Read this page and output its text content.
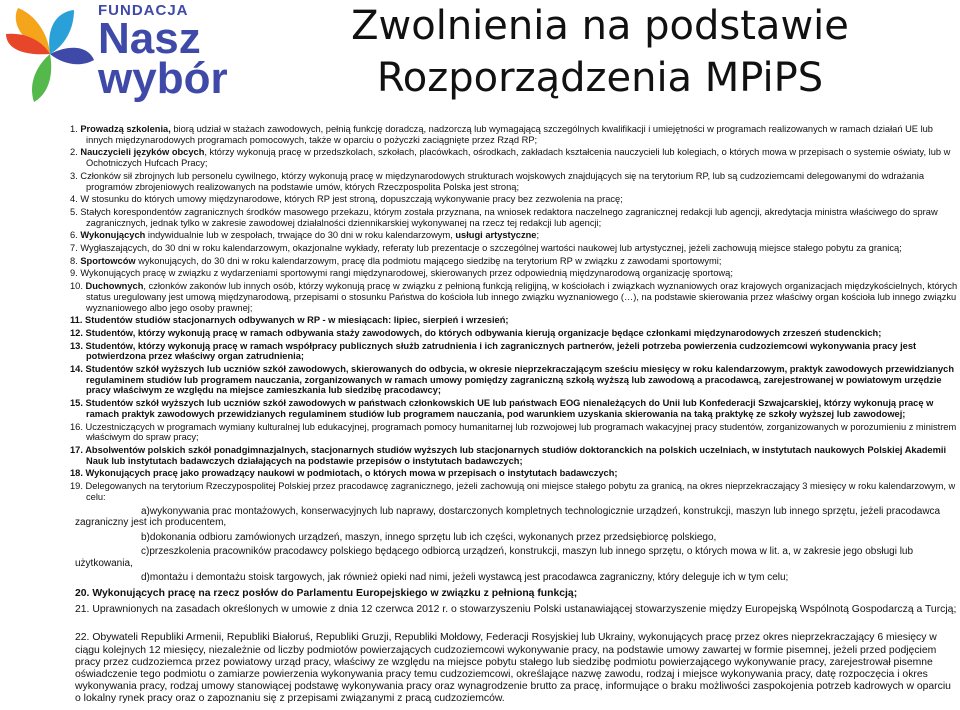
FUNDACJA
Nasz
wybór
Zwolnienia na podstawie
Rozporządzenia MPiPS
1. Prowadzą szkolenia, biorą udział w stażach zawodowych, pełnią funkcję doradczą, nadzorczą lub wymagającą szczególnych kwalifikacji i umiejętności w programach realizowanych w ramach działań UE lub innych międzynarodowych programach pomocowych, także w oparciu o pożyczki zaciągnięte przez Rząd RP;
2. Nauczycieli języków obcych, którzy wykonują pracę w przedszkolach, szkołach, placówkach, ośrodkach, zakładach kształcenia nauczycieli lub kolegiach, o których mowa w przepisach o systemie oświaty, lub w Ochotniczych Hufcach Pracy;
3. Członków sił zbrojnych lub personelu cywilnego, którzy wykonują pracę w międzynarodowych strukturach wojskowych znajdujących się na terytorium RP, lub są cudzoziemcami delegowanymi do wdrażania programów zbrojeniowych realizowanych na podstawie umów, których Rzeczpospolita Polska jest stroną;
4. W stosunku do których umowy międzynarodowe, których RP jest stroną, dopuszczają wykonywanie pracy bez zezwolenia na pracę;
5. Stałych korespondentów zagranicznych środków masowego przekazu, którym została przyznana, na wniosek redaktora naczelnego zagranicznej redakcji lub agencji, akredytacja ministra właściwego do spraw zagranicznych, jednak tylko w zakresie zawodowej działalności dziennikarskiej wykonywanej na rzecz tej redakcji lub agencji;
6. Wykonujących indywidualnie lub w zespołach, trwające do 30 dni w roku kalendarzowym, usługi artystyczne;
7. Wygłaszających, do 30 dni w roku kalendarzowym, okazjonalne wykłady, referaty lub prezentacje o szczególnej wartości naukowej lub artystycznej, jeżeli zachowują miejsce stałego pobytu za granicą;
8. Sportowców wykonujących, do 30 dni w roku kalendarzowym, pracę dla podmiotu mającego siedzibę na terytorium RP w związku z zawodami sportowymi;
9. Wykonujących pracę w związku z wydarzeniami sportowymi rangi międzynarodowej, skierowanych przez odpowiednią międzynarodową organizację sportową;
10. Duchownych, członków zakonów lub innych osób, którzy wykonują pracę w związku z pełnioną funkcją religijną, w kościołach i związkach wyznaniowych oraz krajowych organizacjach międzykościelnych, których status uregulowany jest umową międzynarodową, przepisami o stosunku Państwa do kościoła lub innego związku wyznaniowego (…), na podstawie skierowania przez właściwy organ kościoła lub innego związku wyznaniowego albo jego osoby prawnej;
11. Studentów studiów stacjonarnych odbywanych w RP - w miesiącach: lipiec, sierpień i wrzesień;
12. Studentów, którzy wykonują pracę w ramach odbywania staży zawodowych, do których odbywania kierują organizacje będące członkami międzynarodowych zrzeszeń studenckich;
13. Studentów, którzy wykonują pracę w ramach współpracy publicznych służb zatrudnienia i ich zagranicznych partnerów, jeżeli potrzeba powierzenia cudzoziemcowi wykonywania pracy jest potwierdzona przez właściwy organ zatrudnienia;
14. Studentów szkół wyższych lub uczniów szkół zawodowych, skierowanych do odbycia, w okresie nieprzekraczającym sześciu miesięcy w roku kalendarzowym, praktyk zawodowych przewidzianych regulaminem studiów lub programem nauczania, zorganizowanych w ramach umowy pomiędzy zagraniczną szkołą wyższą lub zawodową a pracodawcą, zarejestrowanej w powiatowym urzędzie pracy właściwym ze względu na miejsce zamieszkania lub siedzibę pracodawcy;
15. Studentów szkół wyższych lub uczniów szkół zawodowych w państwach członkowskich UE lub państwach EOG nienależących do Unii lub Konfederacji Szwajcarskiej, którzy wykonują pracę w ramach praktyk zawodowych przewidzianych regulaminem studiów lub programem nauczania, pod warunkiem uzyskania skierowania na taką praktykę ze szkoły wyższej lub zawodowej;
16. Uczestniczących w programach wymiany kulturalnej lub edukacyjnej, programach pomocy humanitarnej lub rozwojowej lub programach wakacyjnej pracy studentów, zorganizowanych w porozumieniu z ministrem właściwym do spraw pracy;
17. Absolwentów polskich szkół ponadgimnazjalnych, stacjonarnych studiów wyższych lub stacjonarnych studiów doktoranckich na polskich uczelniach, w instytutach naukowych Polskiej Akademii Nauk lub instytutach badawczych działających na podstawie przepisów o instytutach badawczych;
18. Wykonujących pracę jako prowadzący naukowi w podmiotach, o których mowa w przepisach o instytutach badawczych;
19. Delegowanych na terytorium Rzeczypospolitej Polskiej przez pracodawcę zagranicznego, jeżeli zachowują oni miejsce stałego pobytu za granicą, na okres nieprzekraczający 3 miesięcy w roku kalendarzowym, w celu:
a)wykonywania prac montażowych, konserwacyjnych lub naprawy, dostarczonych kompletnych technologicznie urządzeń, konstrukcji, maszyn lub innego sprzętu, jeżeli pracodawca zagraniczny jest ich producentem,
b)dokonania odbioru zamówionych urządzeń, maszyn, innego sprzętu lub ich części, wykonanych przez przedsiębiorcę polskiego,
c)przeszkolenia pracowników pracodawcy polskiego będącego odbiorcą urządzeń, konstrukcji, maszyn lub innego sprzętu, o których mowa w lit. a, w zakresie jego obsługi lub użytkowania,
d)montażu i demontażu stoisk targowych, jak również opieki nad nimi, jeżeli wystawcą jest pracodawca zagraniczny, który deleguje ich w tym celu;
20. Wykonujących pracę na rzecz posłów do Parlamentu Europejskiego w związku z pełnioną funkcją;
21. Uprawnionych na zasadach określonych w umowie z dnia 12 czerwca 2012 r. o stowarzyszeniu Polski ustanawiającej stowarzyszenie między Europejską Wspólnotą Gospodarczą a Turcją;
22. Obywateli Republiki Armenii, Republiki Białoruś, Republiki Gruzji, Republiki Mołdowy, Federacji Rosyjskiej lub Ukrainy, wykonujących pracę przez okres nieprzekraczający 6 miesięcy w ciągu kolejnych 12 miesięcy, niezależnie od liczby podmiotów powierzających cudzoziemcowi wykonywanie pracy, na podstawie umowy zawartej w formie pisemnej, jeżeli przed podjęciem pracy przez cudzoziemca przez powiatowy urząd pracy, właściwy ze względu na miejsce pobytu stałego lub siedzibę podmiotu powierzającego wykonywanie pracy, zarejestrował pisemne oświadczenie tego podmiotu o zamiarze powierzenia wykonywania pracy temu cudzoziemcowi, określające nazwę zawodu, rodzaj i miejsce wykonywania pracy, datę rozpoczęcia i okres wykonywania pracy, rodzaj umowy stanowiącej podstawę wykonywania pracy oraz wynagrodzenie brutto za pracę, informujące o braku możliwości zaspokojenia potrzeb kadrowych w oparciu o lokalny rynek pracy oraz o zapoznaniu się z przepisami związanymi z pracą cudzoziemców.
